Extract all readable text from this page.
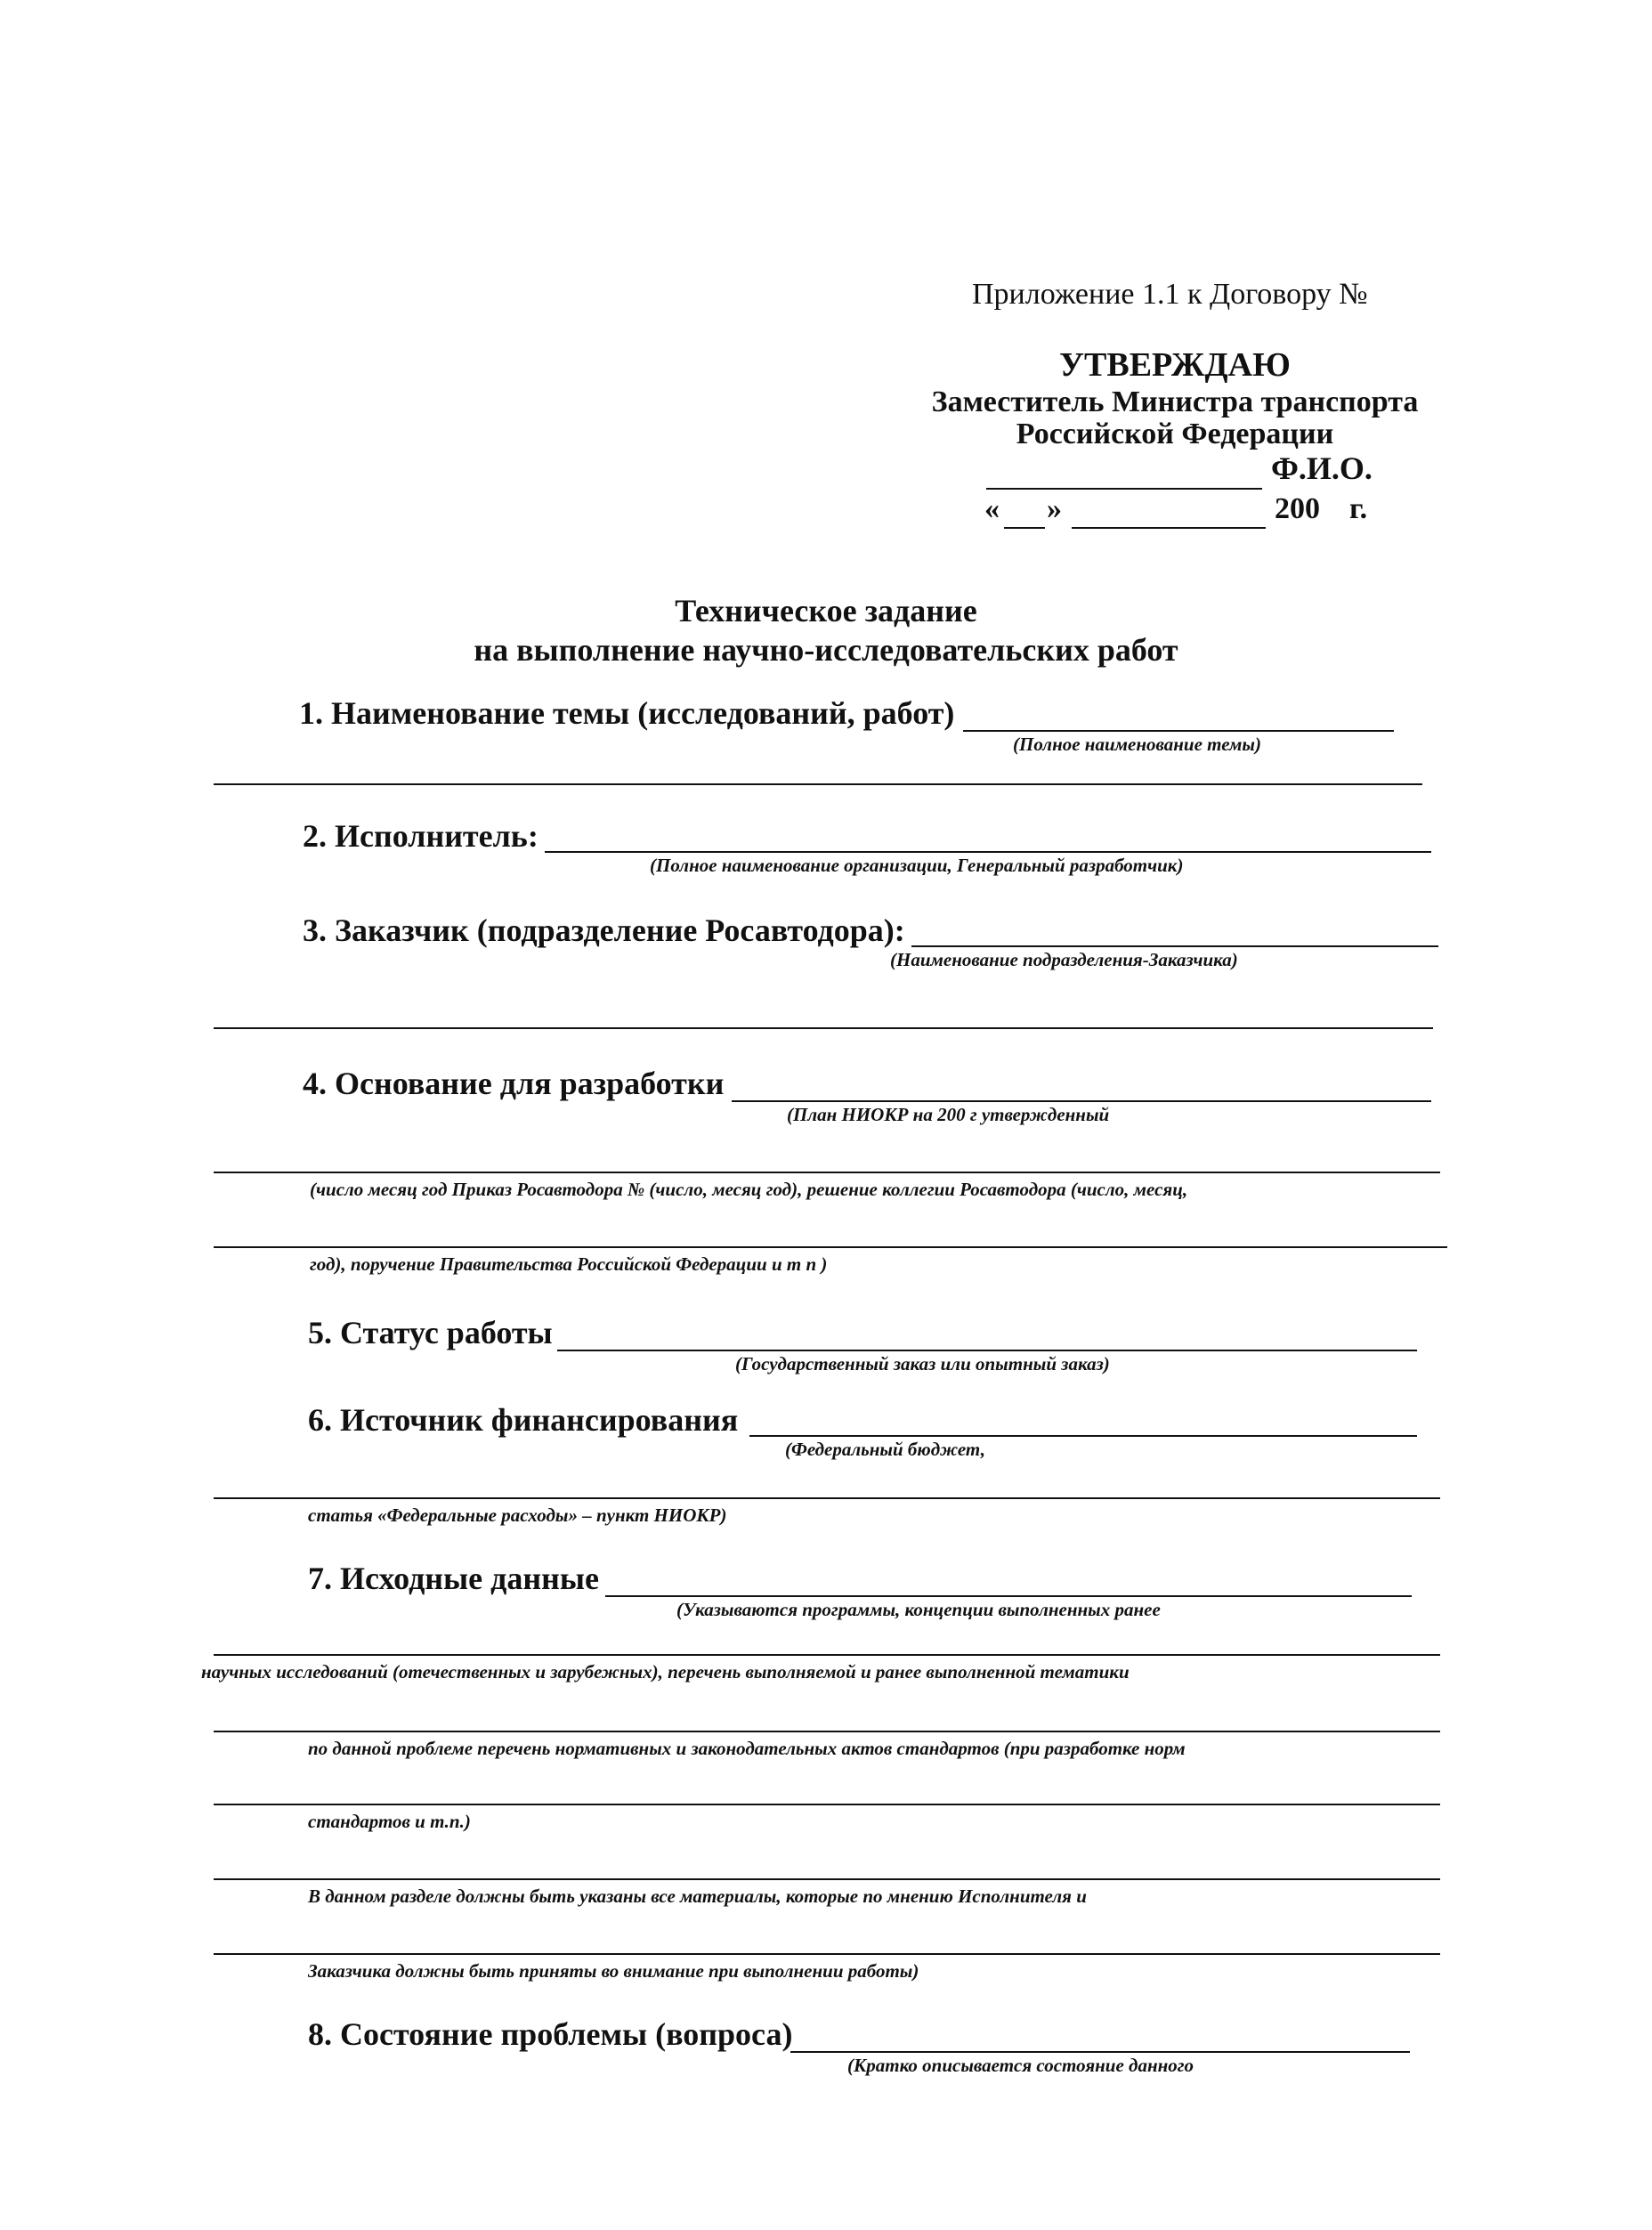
Приложение 1.1 к Договору №
УТВЕРЖДАЮ
Заместитель Министра транспорта
Российской Федерации
Ф.И.О.
« »	200 г.
Техническое задание
на выполнение научно-исследовательских работ
1. Наименование темы (исследований, работ)
(Полное наименование темы)
2. Исполнитель:
(Полное наименование организации, Генеральный разработчик)
3. Заказчик (подразделение Росавтодора):
(Наименование подразделения-Заказчика)
4. Основание для разработки
(План НИОКР на 200 г утвержденный
(число месяц год Приказ Росавтодора № (число, месяц год), решение коллегии Росавтодора (число, месяц,
год), поручение Правительства Российской Федерации и т п )
5. Статус работы
(Государственный заказ или опытный заказ)
6. Источник финансирования
(Федеральный бюджет,
статья «Федеральные расходы» – пункт НИОКР)
7. Исходные данные
(Указываются программы, концепции выполненных ранее
научных исследований (отечественных и зарубежных), перечень выполняемой и ранее выполненной тематики
по данной проблеме перечень нормативных и законодательных актов стандартов (при разработке норм
стандартов и т.п.)
В данном разделе должны быть указаны все материалы, которые по мнению Исполнителя и
Заказчика должны быть приняты во внимание при выполнении работы)
8. Состояние проблемы (вопроса)
(Кратко описывается состояние данного
